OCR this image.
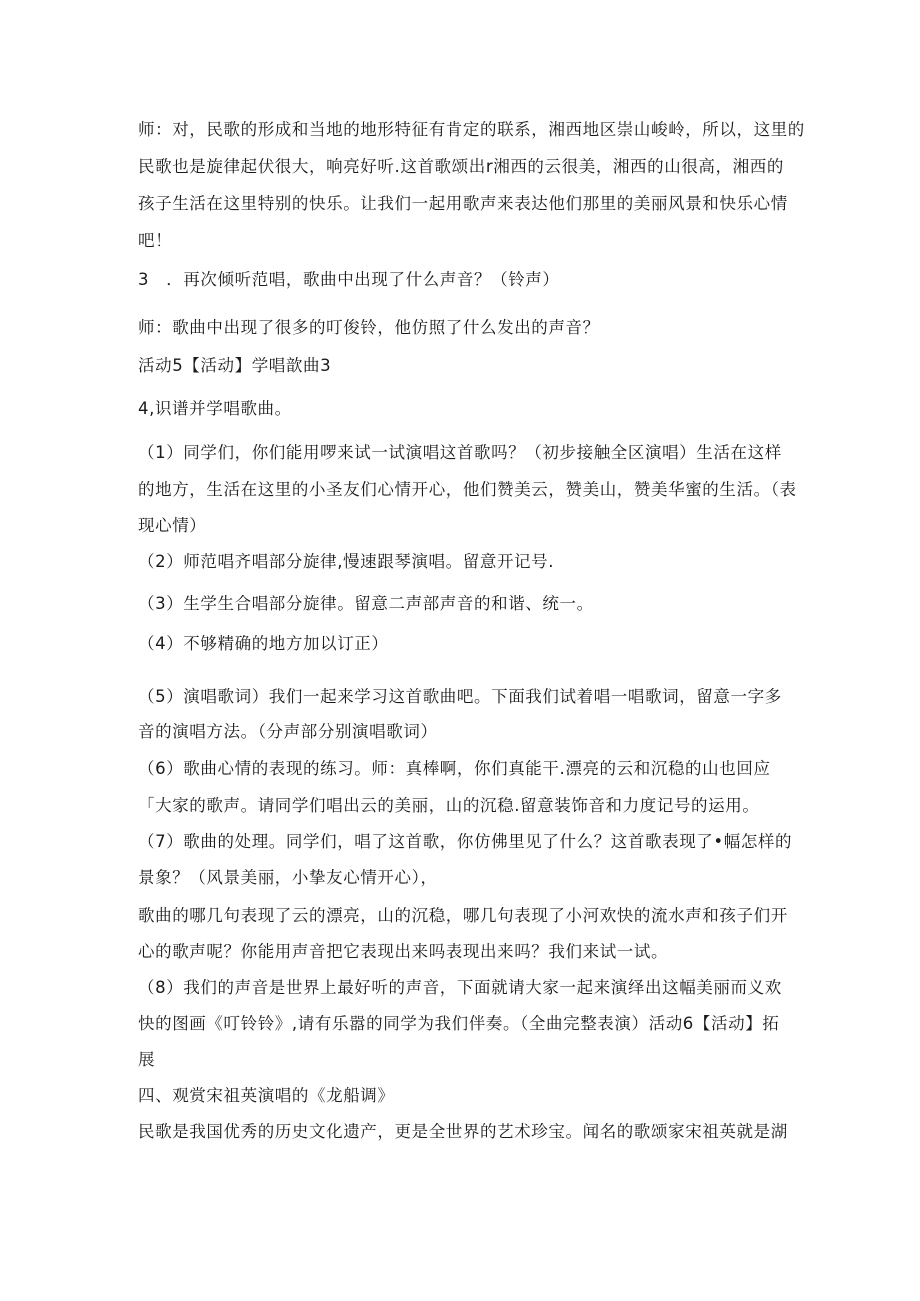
师：对，民歌的形成和当地的地形特征有肯定的联系，湘西地区崇山峻岭，所以，这里的
民歌也是旋律起伏很大，响亮好听.这首歌颂出r湘西的云很美，湘西的山很高，湘西的
孩子生活在这里特别的快乐。让我们一起用歌声来表达他们那里的美丽风景和快乐心情
吧！
3　．再次倾听范唱，歌曲中出现了什么声音？（铃声）
师：歌曲中出现了很多的叮俊铃，他仿照了什么发出的声音？
活动5【活动】学唱歆曲3
4,识谱并学唱歌曲。
（1）同学们，你们能用啰来试一试演唱这首歌吗？（初步接触全区演唱）生活在这样
的地方，生活在这里的小圣友们心情开心，他们赞美云，赞美山，赞美华蜜的生活。（表
现心情）
（2）师范唱齐唱部分旋律,慢速跟琴演唱。留意开记号.
（3）生学生合唱部分旋律。留意二声部声音的和谐、统一。
（4）不够精确的地方加以订正）
（5）演唱歌词）我们一起来学习这首歌曲吧。下面我们试着唱一唱歌词，留意一字多
音的演唱方法。（分声部分别演唱歌词）
（6）歌曲心情的表现的练习。师：真棒啊，你们真能干.漂亮的云和沉稳的山也回应
「大家的歌声。请同学们唱出云的美丽，山的沉稳.留意装饰音和力度记号的运用。
（7）歌曲的处理。同学们，唱了这首歌，你仿佛里见了什么？这首歌表现了•幅怎样的
景象？（风景美丽，小挚友心情开心），
歌曲的哪几句表现了云的漂亮，山的沉稳，哪几句表现了小河欢快的流水声和孩子们开
心的歌声呢？你能用声音把它表现出来吗表现出来吗？我们来试一试。
（8）我们的声音是世界上最好听的声音，下面就请大家一起来演绎出这幅美丽而义欢
快的图画《叮铃铃》,请有乐嚣的同学为我们伴奏。（全曲完整表演）活动6【活动】拓
展
四、观赏宋祖英演唱的《龙船调》
民歌是我国优秀的历史文化遗产，更是全世界的艺术珍宝。闻名的歌颂家宋祖英就是湖
